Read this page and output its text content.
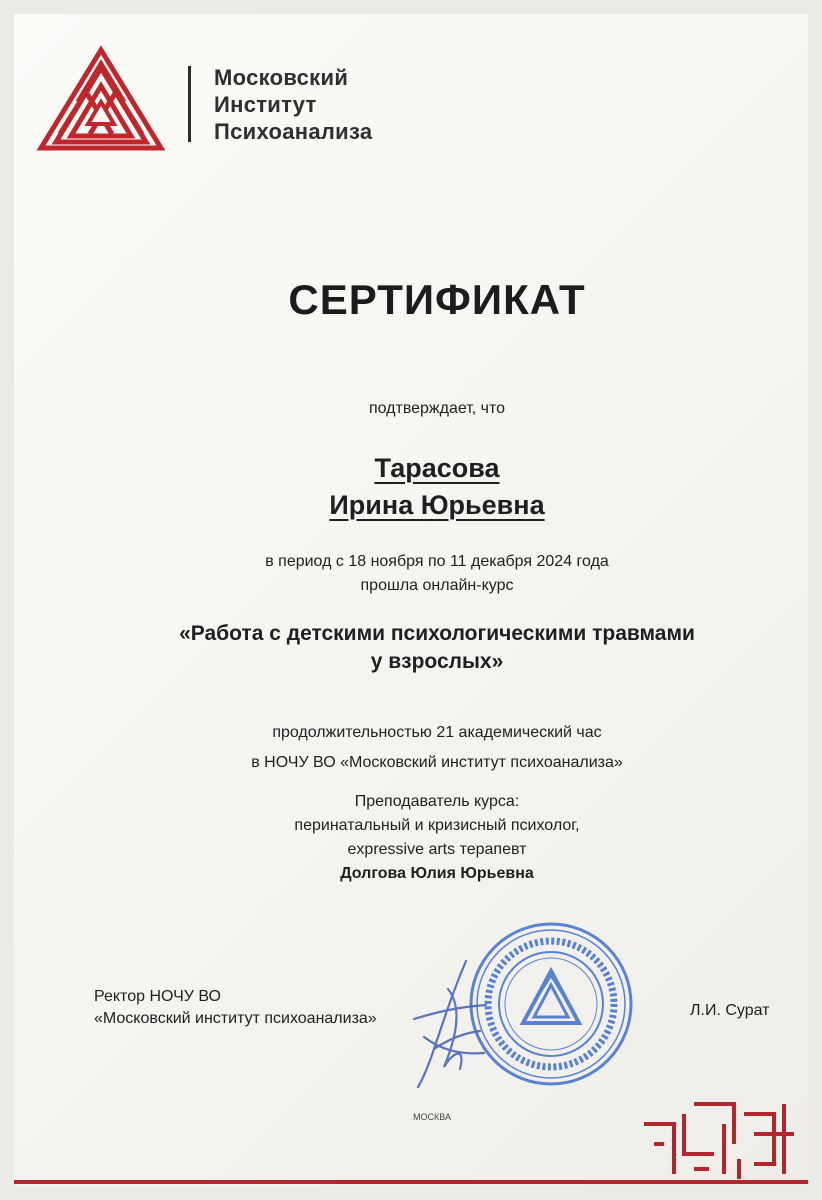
Московский
Институт
Психоанализа
СЕРТИФИКАТ
подтверждает, что
Тарасова
Ирина Юрьевна
в период с 18 ноября по 11 декабря 2024 года
прошла онлайн-курс
«Работа с детскими психологическими травмами
у взрослых»
продолжительностью 21 академический час
в НОЧУ ВО «Московский институт психоанализа»
Преподаватель курса:
перинатальный и кризисный психолог,
expressive arts терапевт
Долгова Юлия Юрьевна
Ректор НОЧУ ВО
«Московский институт психоанализа»	Л.И. Сурат
МОСКВА
